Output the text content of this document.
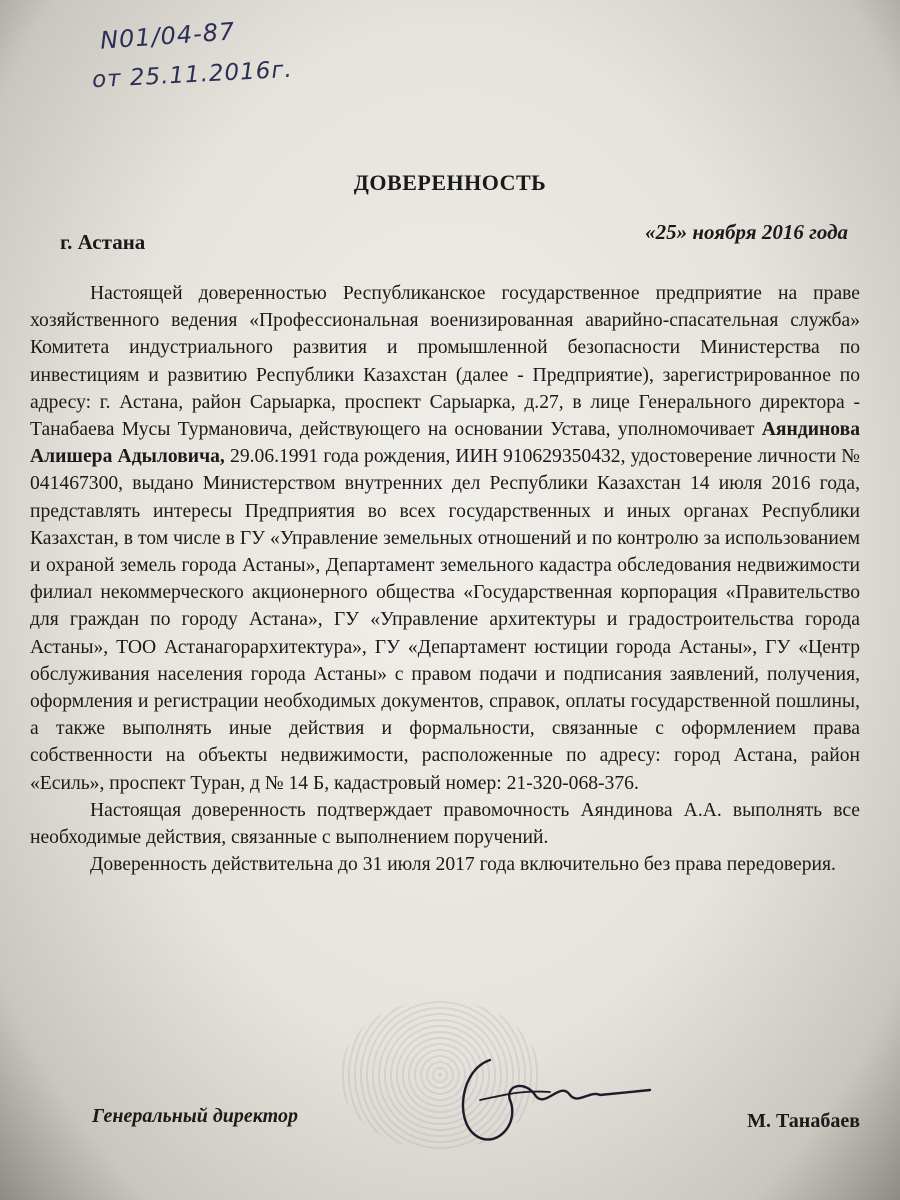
N01/04-87
от 25.11.2016г.
ДОВЕРЕННОСТЬ
г. Астана	«25» ноября 2016 года

Настоящей доверенностью Республиканское государственное предприятие на праве хозяйственного ведения «Профессиональная военизированная аварийно-спасательная служба» Комитета индустриального развития и промышленной безопасности Министерства по инвестициям и развитию Республики Казахстан (далее - Предприятие), зарегистрированное по адресу: г. Астана, район Сарыарка, проспект Сарыарка, д.27, в лице Генерального директора - Танабаева Мусы Турмановича, действующего на основании Устава, уполномочивает Аяндинова Алишера Адыловича, 29.06.1991 года рождения, ИИН 910629350432, удостоверение личности № 041467300, выдано Министерством внутренних дел Республики Казахстан 14 июля 2016 года, представлять интересы Предприятия во всех государственных и иных органах Республики Казахстан, в том числе в ГУ «Управление земельных отношений и по контролю за использованием и охраной земель города Астаны», Департамент земельного кадастра обследования недвижимости филиал некоммерческого акционерного общества «Государственная корпорация «Правительство для граждан по городу Астана», ГУ «Управление архитектуры и градостроительства города Астаны», ТОО Астанагорархитектура», ГУ «Департамент юстиции города Астаны», ГУ «Центр обслуживания населения города Астаны» с правом подачи и подписания заявлений, получения, оформления и регистрации необходимых документов, справок, оплаты государственной пошлины, а также выполнять иные действия и формальности, связанные с оформлением права собственности на объекты недвижимости, расположенные по адресу: город Астана, район «Есиль», проспект Туран, д № 14 Б, кадастровый номер: 21-320-068-376.

Настоящая доверенность подтверждает правомочность Аяндинова А.А. выполнять все необходимые действия, связанные с выполнением поручений.

Доверенность действительна до 31 июля 2017 года включительно без права передоверия.

Генеральный директор	М. Танабаев
